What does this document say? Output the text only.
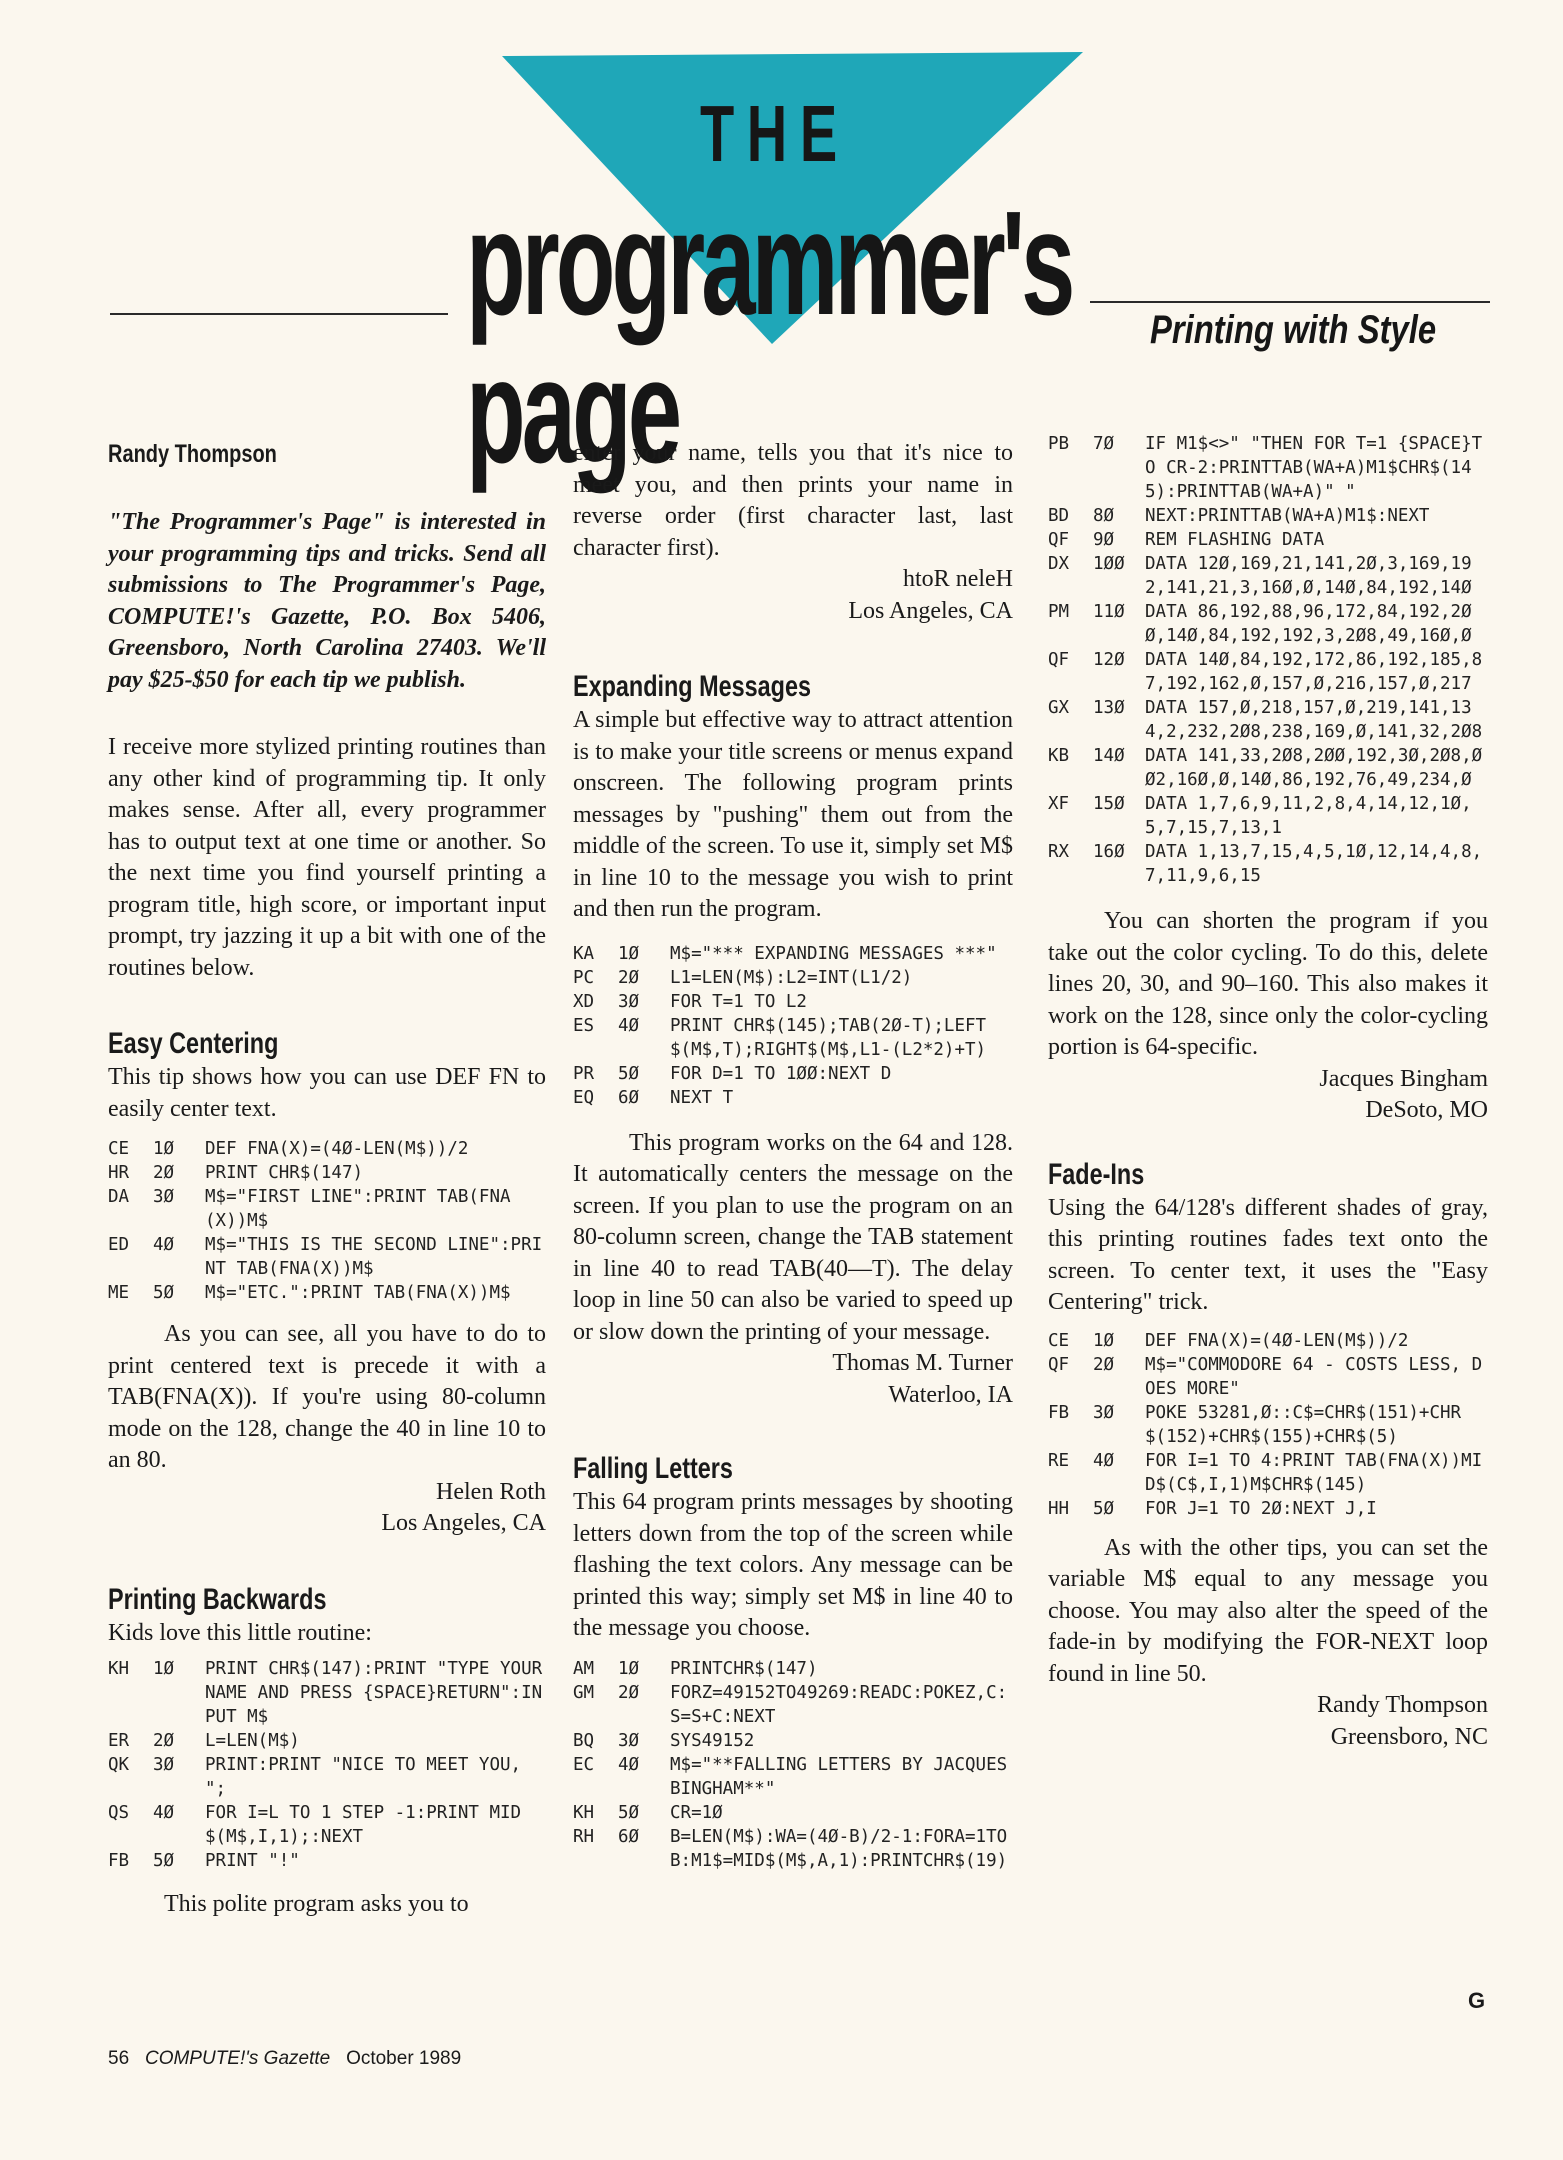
THE
programmer's page	Printing with Style
Randy Thompson
"The Programmer's Page" is interested in your programming tips and tricks. Send all submissions to The Programmer's Page, COMPUTE!'s Gazette, P.O. Box 5406, Greensboro, North Carolina 27403. We'll pay $25-$50 for each tip we publish.

I receive more stylized printing routines than any other kind of programming tip. It only makes sense. After all, every programmer has to output text at one time or another. So the next time you find yourself printing a program title, high score, or important input prompt, try jazzing it up a bit with one of the routines below.

Easy Centering

This tip shows how you can use DEF FN to easily center text.

CE	1Ø	DEF FNA(X)=(4Ø-LEN(M$))/2
HR	2Ø	PRINT CHR$(147)
DA	3Ø	M$="FIRST LINE":PRINT TAB(FNA(X))M$
ED	4Ø	M$="THIS IS THE SECOND LINE":PRINT TAB(FNA(X))M$
ME	5Ø	M$="ETC.":PRINT TAB(FNA(X))M$

As you can see, all you have to do to print centered text is precede it with a TAB(FNA(X)). If you're using 80-column mode on the 128, change the 40 in line 10 to an 80.

Helen Roth

Los Angeles, CA

Printing Backwards

Kids love this little routine:

KH	1Ø	PRINT CHR$(147):PRINT "TYPE YOUR NAME AND PRESS {SPACE}RETURN":INPUT M$
ER	2Ø	L=LEN(M$)
QK	3Ø	PRINT:PRINT "NICE TO MEET YOU, ";
QS	4Ø	FOR I=L TO 1 STEP -1:PRINT MID$(M$,I,1);:NEXT
FB	5Ø	PRINT "!"

This polite program asks you to

enter your name, tells you that it's nice to meet you, and then prints your name in reverse order (first character last, last character first).

htoR neleH

Los Angeles, CA

Expanding Messages

A simple but effective way to attract attention is to make your title screens or menus expand onscreen. The following program prints messages by "pushing" them out from the middle of the screen. To use it, simply set M$ in line 10 to the message you wish to print and then run the program.

KA	1Ø	M$="*** EXPANDING MESSAGES ***"
PC	2Ø	L1=LEN(M$):L2=INT(L1/2)
XD	3Ø	FOR T=1 TO L2
ES	4Ø	PRINT CHR$(145);TAB(2Ø-T);LEFT$(M$,T);RIGHT$(M$,L1-(L2*2)+T)
PR	5Ø	FOR D=1 TO 1ØØ:NEXT D
EQ	6Ø	NEXT T

This program works on the 64 and 128. It automatically centers the message on the screen. If you plan to use the program on an 80-column screen, change the TAB statement in line 40 to read TAB(40—T). The delay loop in line 50 can also be varied to speed up or slow down the printing of your message.

Thomas M. Turner

Waterloo, IA

Falling Letters

This 64 program prints messages by shooting letters down from the top of the screen while flashing the text colors. Any message can be printed this way; simply set M$ in line 40 to the message you choose.

AM	1Ø	PRINTCHR$(147)
GM	2Ø	FORZ=49152TO49269:READC:POKEZ,C:S=S+C:NEXT
BQ	3Ø	SYS49152
EC	4Ø	M$="**FALLING LETTERS BY JACQUES BINGHAM**"
KH	5Ø	CR=1Ø
RH	6Ø	B=LEN(M$):WA=(4Ø-B)/2-1:FORA=1TOB:M1$=MID$(M$,A,1):PRINTCHR$(19)
PB	7Ø	IF M1$<>" "THEN FOR T=1 {SPACE}TO CR-2:PRINTTAB(WA+A)M1$CHR$(145):PRINTTAB(WA+A)" "
BD	8Ø	NEXT:PRINTTAB(WA+A)M1$:NEXT
QF	9Ø	REM FLASHING DATA
DX	1ØØ	DATA 12Ø,169,21,141,2Ø,3,169,192,141,21,3,16Ø,Ø,14Ø,84,192,14Ø
PM	11Ø	DATA 86,192,88,96,172,84,192,2ØØ,14Ø,84,192,192,3,2Ø8,49,16Ø,Ø
QF	12Ø	DATA 14Ø,84,192,172,86,192,185,87,192,162,Ø,157,Ø,216,157,Ø,217
GX	13Ø	DATA 157,Ø,218,157,Ø,219,141,134,2,232,2Ø8,238,169,Ø,141,32,2Ø8
KB	14Ø	DATA 141,33,2Ø8,2ØØ,192,3Ø,2Ø8,ØØ2,16Ø,Ø,14Ø,86,192,76,49,234,Ø
XF	15Ø	DATA 1,7,6,9,11,2,8,4,14,12,1Ø,5,7,15,7,13,1
RX	16Ø	DATA 1,13,7,15,4,5,1Ø,12,14,4,8,7,11,9,6,15

You can shorten the program if you take out the color cycling. To do this, delete lines 20, 30, and 90–160. This also makes it work on the 128, since only the color-cycling portion is 64-specific.

Jacques Bingham

DeSoto, MO

Fade-Ins

Using the 64/128's different shades of gray, this printing routines fades text onto the screen. To center text, it uses the "Easy Centering" trick.

CE	1Ø	DEF FNA(X)=(4Ø-LEN(M$))/2
QF	2Ø	M$="COMMODORE 64 - COSTS LESS, DOES MORE"
FB	3Ø	POKE 53281,Ø::C$=CHR$(151)+CHR$(152)+CHR$(155)+CHR$(5)
RE	4Ø	FOR I=1 TO 4:PRINT TAB(FNA(X))MID$(C$,I,1)M$CHR$(145)
HH	5Ø	FOR J=1 TO 2Ø:NEXT J,I

As with the other tips, you can set the variable M$ equal to any message you choose. You may also alter the speed of the fade-in by modifying the FOR-NEXT loop found in line 50.

Randy Thompson

Greensboro, NC

G
56 COMPUTE!'s Gazette October 1989
